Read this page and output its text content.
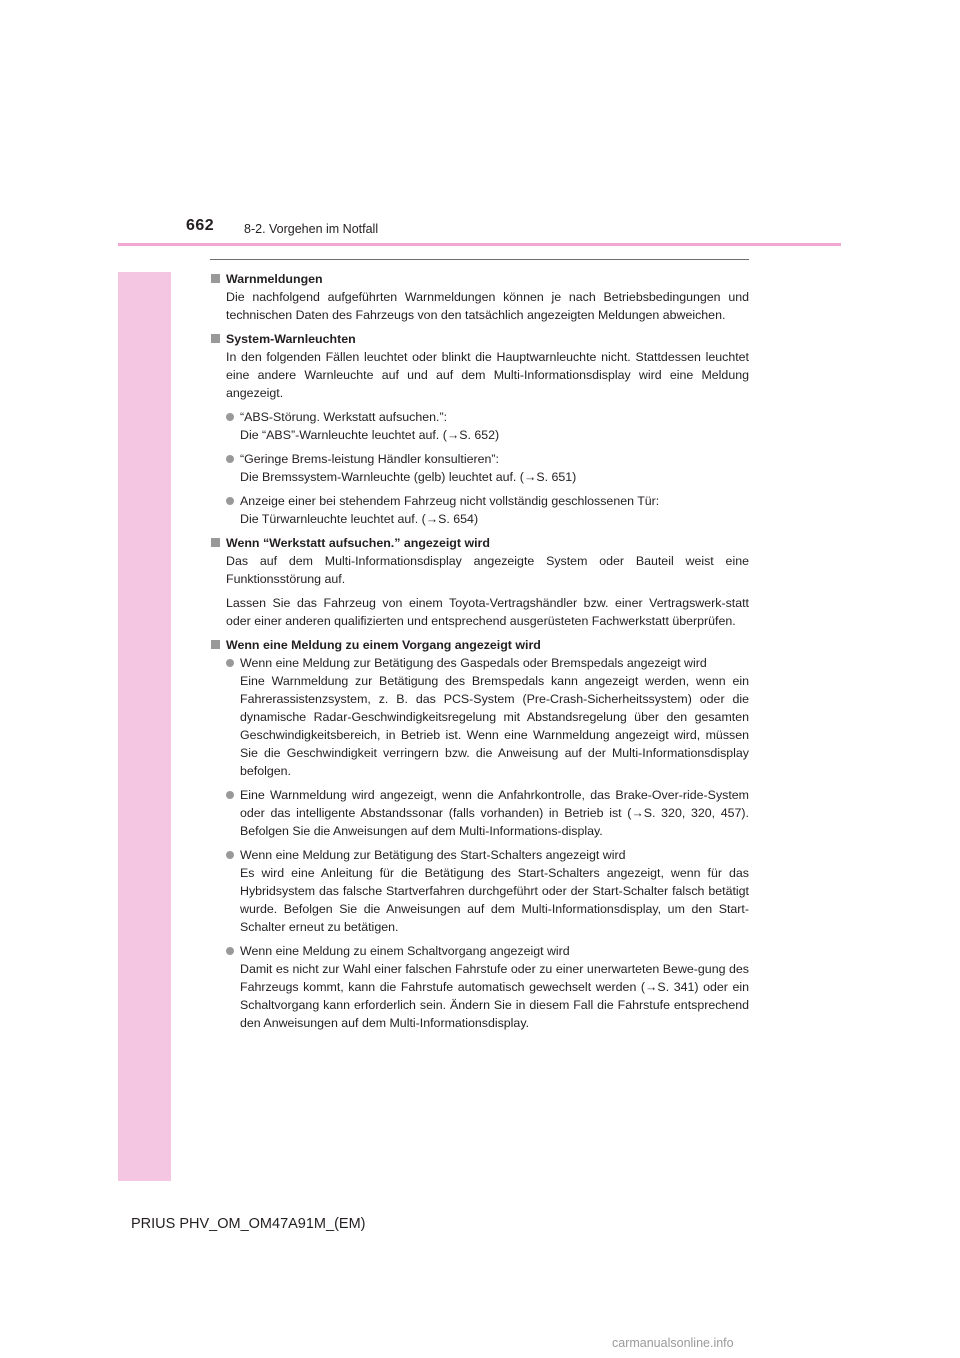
662 8-2. Vorgehen im Notfall
Warnmeldungen
Die nachfolgend aufgeführten Warnmeldungen können je nach Betriebsbedingungen und technischen Daten des Fahrzeugs von den tatsächlich angezeigten Meldungen abweichen.
System-Warnleuchten
In den folgenden Fällen leuchtet oder blinkt die Hauptwarnleuchte nicht. Stattdessen leuchtet eine andere Warnleuchte auf und auf dem Multi-Informationsdisplay wird eine Meldung angezeigt.
“ABS-Störung. Werkstatt aufsuchen.”:
Die “ABS”-Warnleuchte leuchtet auf. (→S. 652)
“Geringe Brems-leistung Händler konsultieren”:
Die Bremssystem-Warnleuchte (gelb) leuchtet auf. (→S. 651)
Anzeige einer bei stehendem Fahrzeug nicht vollständig geschlossenen Tür:
Die Türwarnleuchte leuchtet auf. (→S. 654)
Wenn “Werkstatt aufsuchen.” angezeigt wird
Das auf dem Multi-Informationsdisplay angezeigte System oder Bauteil weist eine Funktionsstörung auf.
Lassen Sie das Fahrzeug von einem Toyota-Vertragshändler bzw. einer Vertragswerk-statt oder einer anderen qualifizierten und entsprechend ausgerüsteten Fachwerkstatt überprüfen.
Wenn eine Meldung zu einem Vorgang angezeigt wird
Wenn eine Meldung zur Betätigung des Gaspedals oder Bremspedals angezeigt wird
Eine Warnmeldung zur Betätigung des Bremspedals kann angezeigt werden, wenn ein Fahrerassistenzsystem, z. B. das PCS-System (Pre-Crash-Sicherheitssystem) oder die dynamische Radar-Geschwindigkeitsregelung mit Abstandsregelung über den gesamten Geschwindigkeitsbereich, in Betrieb ist. Wenn eine Warnmeldung angezeigt wird, müssen Sie die Geschwindigkeit verringern bzw. die Anweisung auf der Multi-Informationsdisplay befolgen.
Eine Warnmeldung wird angezeigt, wenn die Anfahrkontrolle, das Brake-Over-ride-System oder das intelligente Abstandssonar (falls vorhanden) in Betrieb ist (→S. 320, 320, 457). Befolgen Sie die Anweisungen auf dem Multi-Informations-display.
Wenn eine Meldung zur Betätigung des Start-Schalters angezeigt wird
Es wird eine Anleitung für die Betätigung des Start-Schalters angezeigt, wenn für das Hybridsystem das falsche Startverfahren durchgeführt oder der Start-Schalter falsch betätigt wurde. Befolgen Sie die Anweisungen auf dem Multi-Informationsdisplay, um den Start-Schalter erneut zu betätigen.
Wenn eine Meldung zu einem Schaltvorgang angezeigt wird
Damit es nicht zur Wahl einer falschen Fahrstufe oder zu einer unerwarteten Bewe-gung des Fahrzeugs kommt, kann die Fahrstufe automatisch gewechselt werden (→S. 341) oder ein Schaltvorgang kann erforderlich sein. Ändern Sie in diesem Fall die Fahrstufe entsprechend den Anweisungen auf dem Multi-Informationsdisplay.
PRIUS PHV_OM_OM47A91M_(EM)
carmanualsonline.info
